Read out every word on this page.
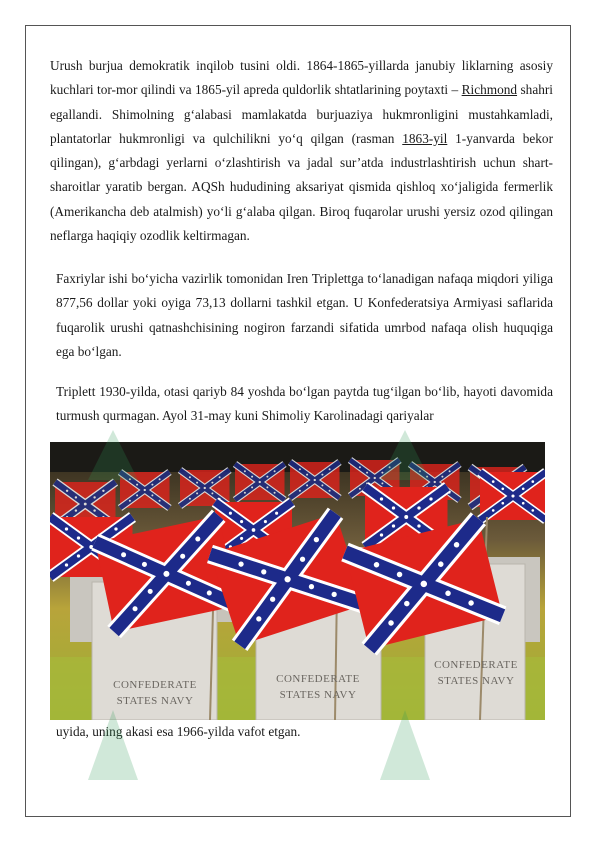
Urush burjua demokratik inqilob tusini oldi. 1864-1865-yillarda janubiy liklarning asosiy kuchlari tor-mor qilindi va 1865-yil apreda quldorlik shtatlarining poytaxti – Richmond shahri egallandi. Shimolning g‘alabasi mamlakatda burjuaziya hukmronligini mustahkamladi, plantatorlar hukmronligi va qulchilikni yo‘q qilgan (rasman 1863-yil 1-yanvarda bekor qilingan), g‘arbdagi yerlarni o‘zlashtirish va jadal sur’atda industrlashtirish uchun shart-sharoitlar yaratib bergan. AQSh hududining aksariyat qismida qishloq xo‘jaligida fermerlik (Amerikancha deb atalmish) yo‘li g‘alaba qilgan. Biroq fuqarolar urushi yersiz ozod qilingan neflarga haqiqiy ozodlik keltirmagan.

Faxriylar ishi bo‘yicha vazirlik tomonidan Iren Triplettga to‘lanadigan nafaqa miqdori yiliga 877,56 dollar yoki oyiga 73,13 dollarni tashkil etgan. U Konfederatsiya Armiyasi saflarida fuqarolik urushi qatnashchisining nogiron farzandi sifatida umrbod nafaqa olish huquqiga ega bo‘lgan.

Triplett 1930-yilda, otasi qariyb 84 yoshda bo‘lgan paytda tug‘ilgan bo‘lib, hayoti davomida turmush qurmagan. Ayol 31-may kuni Shimoliy Karolinadagi qariyalar

CONFEDERATE
STATES NAVY
CONFEDERATE
STATES NAVY
CONFEDERATE
STATES NAVY

uyida, uning akasi esa 1966-yilda vafot etgan.
